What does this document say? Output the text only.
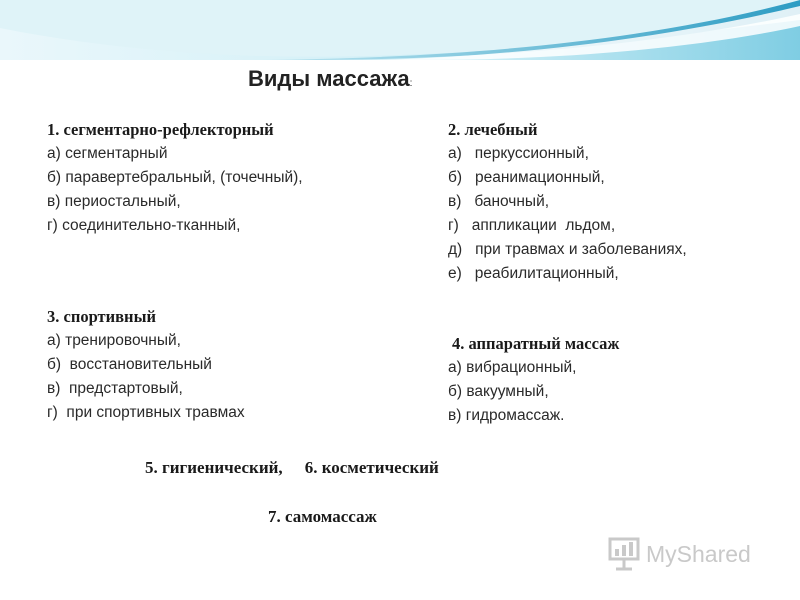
Виды массажа:
1. сегментарно-рефлекторный
а) сегментарный
б) паравертебральный, (точечный),
в) периостальный,
г) соединительно-тканный,
2. лечебный
а)   перкуссионный,
б)   реанимационный,
в)   баночный,
г)   аппликации  льдом,
д)   при травмах и заболеваниях,
е)   реабилитационный,
3. спортивный
а) тренировочный,
б)  восстановительный
в)  предстартовый,
г)  при спортивных травмах
4. аппаратный массаж
а) вибрационный,
б) вакуумный,
в) гидромассаж.
5. гигиенический, 6. косметический
7. самомассаж
MyShared
